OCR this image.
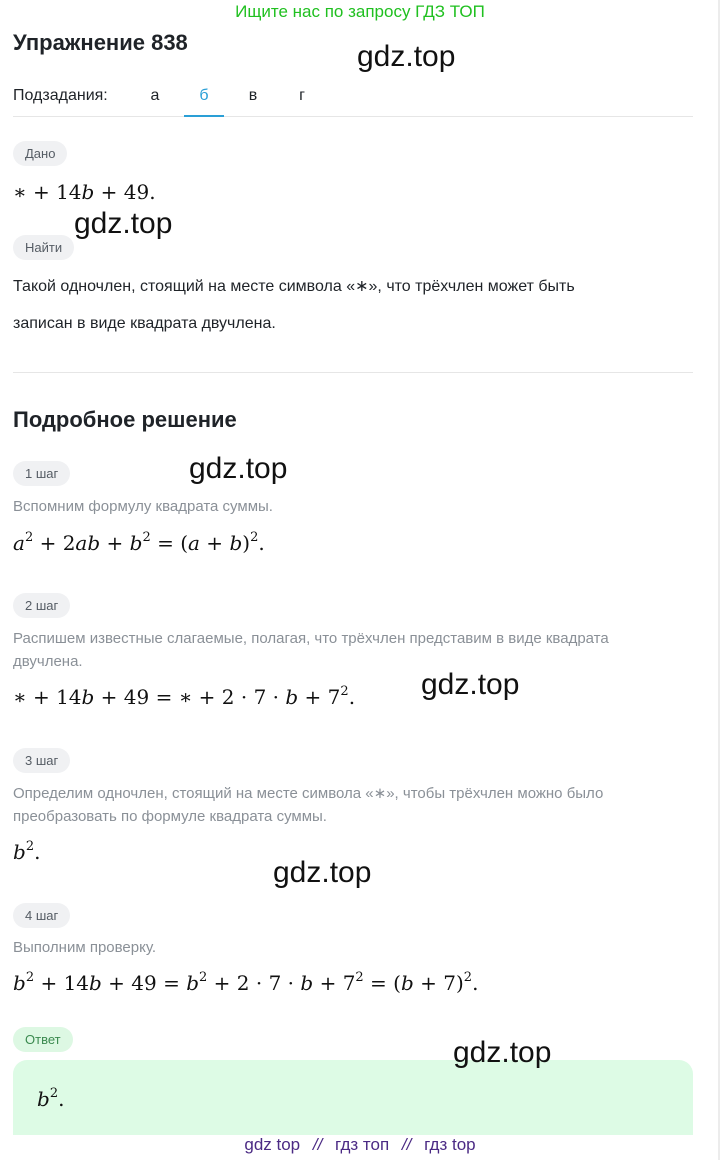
Ищите нас по запросу ГДЗ ТОП
Упражнение 838
Подзадания:	а	б	в	г
Дано
∗ + 14b + 49.
Найти
Такой одночлен, стоящий на месте символа «∗», что трёхчлен может быть
записан в виде квадрата двучлена.
Подробное решение
1 шаг
Вспомним формулу квадрата суммы.
$a^2 + 2ab + b^2 = (a + b)^2$.
2 шаг
Распишем известные слагаемые, полагая, что трёхчлен представим в виде квадрата
двучлена.
∗ + 14b + 49 = ∗ + $2 \cdot 7 \cdot b + 7^2$.
3 шаг
Определим одночлен, стоящий на месте символа «∗», чтобы трёхчлен можно было
преобразовать по формуле квадрата суммы.
$b^2$.
4 шаг
Выполним проверку.
$b^2 + 14b + 49 = b^2 + 2 \cdot 7 \cdot b + 7^2 = (b + 7)^2$.
Ответ
$b^2$.
gdz.top
gdz.top
gdz.top
gdz.top
gdz.top
gdz.top
gdz top // гдз топ // гдз top
